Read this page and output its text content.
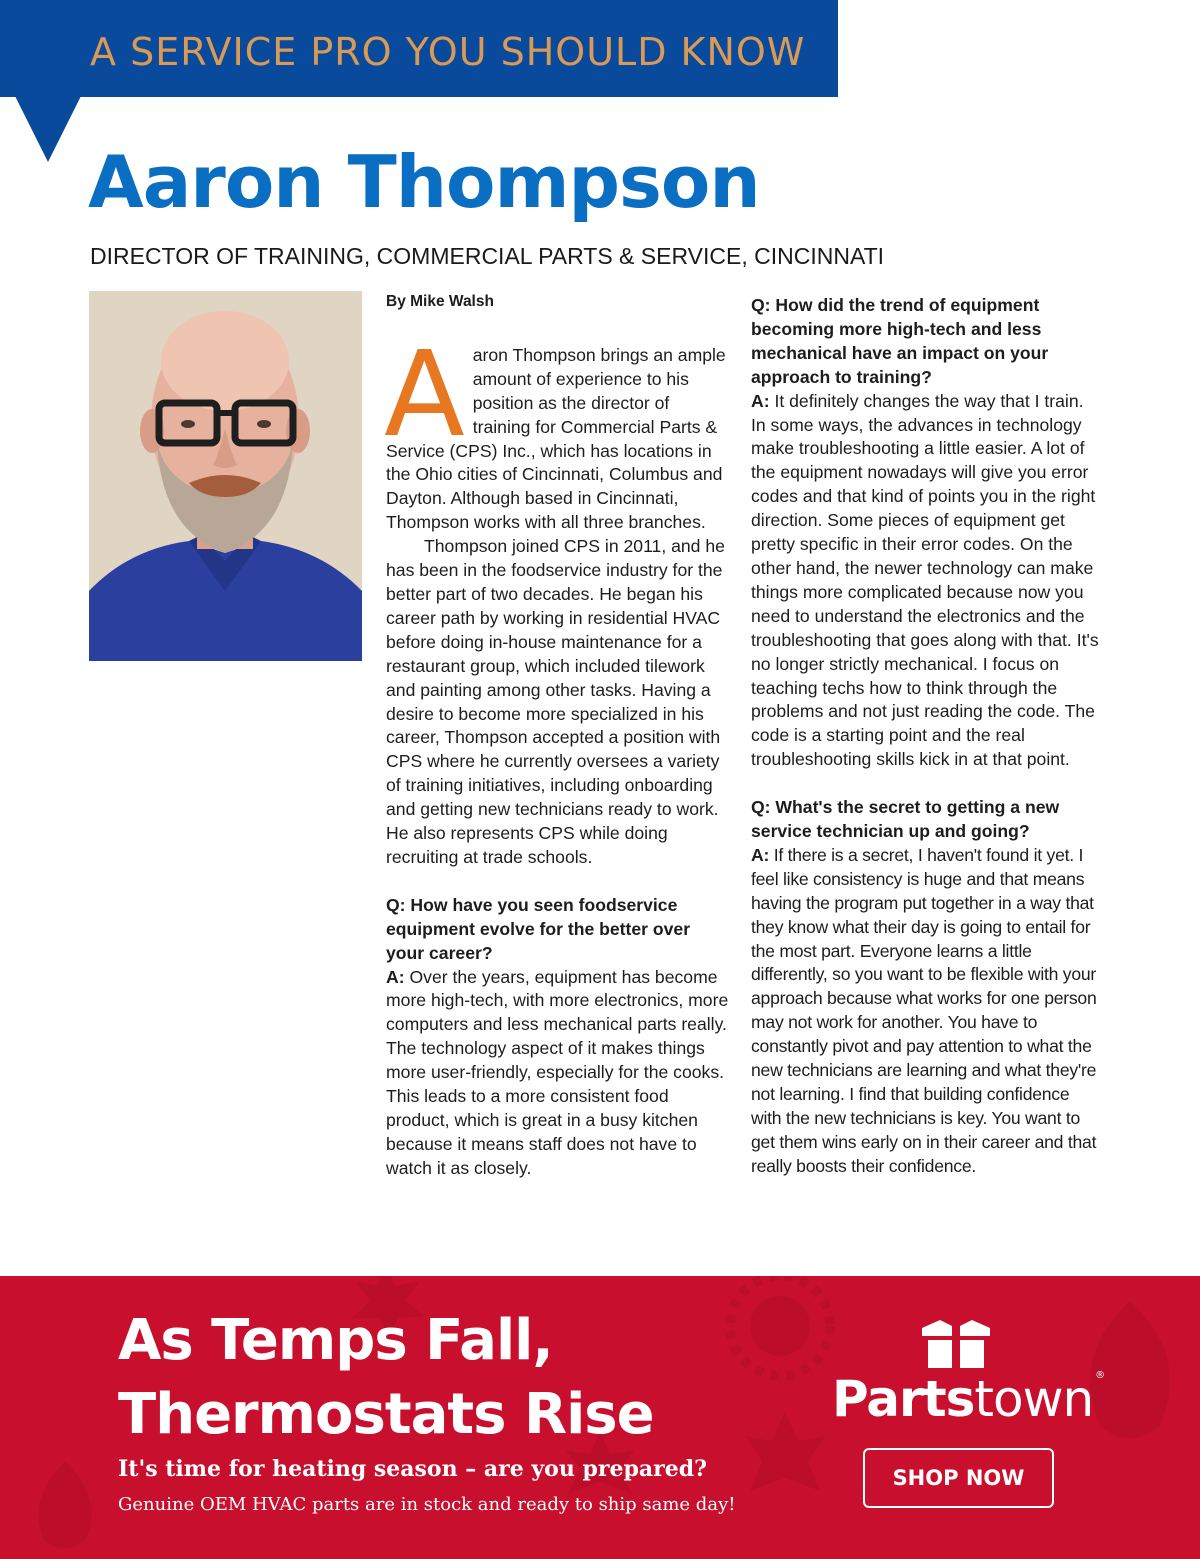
A SERVICE PRO YOU SHOULD KNOW
Aaron Thompson
DIRECTOR OF TRAINING, COMMERCIAL PARTS & SERVICE, CINCINNATI

By Mike Walsh

Aaron Thompson brings an ample amount of experience to his position as the director of training for Commercial Parts & Service (CPS) Inc., which has locations in the Ohio cities of Cincinnati, Columbus and Dayton. Although based in Cincinnati, Thompson works with all three branches.

Thompson joined CPS in 2011, and he has been in the foodservice industry for the better part of two decades. He began his career path by working in residential HVAC before doing in-house maintenance for a restaurant group, which included tilework and painting among other tasks. Having a desire to become more specialized in his career, Thompson accepted a position with CPS where he currently oversees a variety of training initiatives, including onboarding and getting new technicians ready to work. He also represents CPS while doing recruiting at trade schools.

Q: How have you seen foodservice equipment evolve for the better over your career?

A: Over the years, equipment has become more high-tech, with more electronics, more computers and less mechanical parts really. The technology aspect of it makes things more user-friendly, especially for the cooks. This leads to a more consistent food product, which is great in a busy kitchen because it means staff does not have to watch it as closely.

Q: How did the trend of equipment becoming more high-tech and less mechanical have an impact on your approach to training?

A: It definitely changes the way that I train. In some ways, the advances in technology make troubleshooting a little easier. A lot of the equipment nowadays will give you error codes and that kind of points you in the right direction. Some pieces of equipment get pretty specific in their error codes. On the other hand, the newer technology can make things more complicated because now you need to understand the electronics and the troubleshooting that goes along with that. It's no longer strictly mechanical. I focus on teaching techs how to think through the problems and not just reading the code. The code is a starting point and the real troubleshooting skills kick in at that point.

Q: What's the secret to getting a new service technician up and going?

A: If there is a secret, I haven't found it yet. I feel like consistency is huge and that means having the program put together in a way that they know what their day is going to entail for the most part. Everyone learns a little differently, so you want to be flexible with your approach because what works for one person may not work for another. You have to constantly pivot and pay attention to what the new technicians are learning and what they're not learning. I find that building confidence with the new technicians is key. You want to get them wins early on in their career and that really boosts their confidence.

As Temps Fall,
Thermostats Rise
It's time for heating season – are you prepared?
Genuine OEM HVAC parts are in stock and ready to ship same day!
Partstown ®
SHOP NOW
